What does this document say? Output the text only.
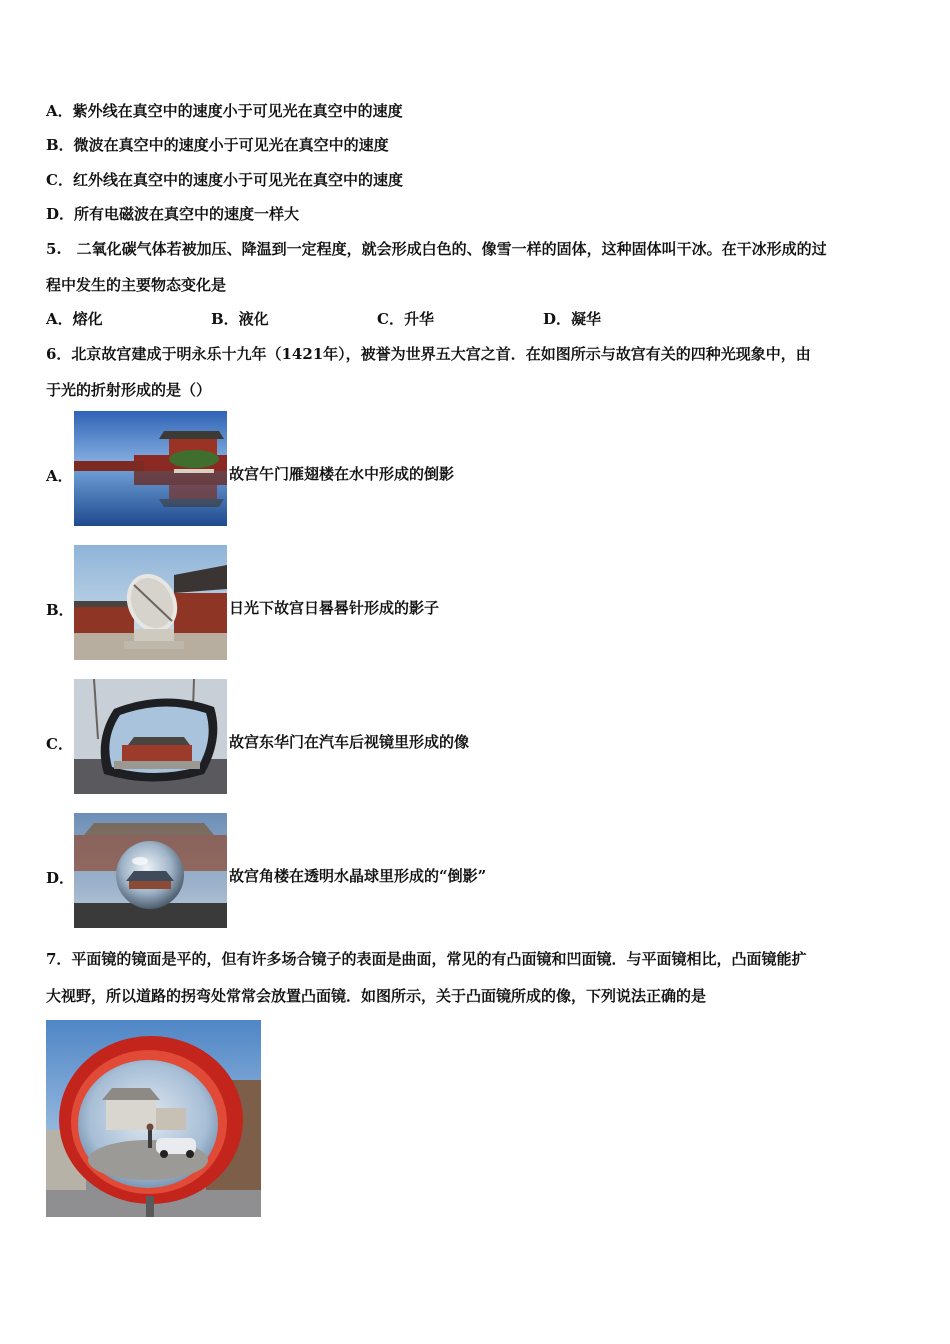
A．紫外线在真空中的速度小于可见光在真空中的速度
B．微波在真空中的速度小于可见光在真空中的速度
C．红外线在真空中的速度小于可见光在真空中的速度
D．所有电磁波在真空中的速度一样大
5.　二氧化碳气体若被加压、降温到一定程度，就会形成白色的、像雪一样的固体，这种固体叫干冰。在干冰形成的过
程中发生的主要物态变化是
A．熔化	B．液化	C．升华	D．凝华
6．北京故宫建成于明永乐十九年（1421年），被誉为世界五大宫之首．在如图所示与故宫有关的四种光现象中，由
于光的折射形成的是（）
A．	故宫午门雁翅楼在水中形成的倒影
B．	日光下故宫日晷晷针形成的影子
C．	故宫东华门在汽车后视镜里形成的像
D．	故宫角楼在透明水晶球里形成的“倒影”
7．平面镜的镜面是平的，但有许多场合镜子的表面是曲面，常见的有凸面镜和凹面镜．与平面镜相比，凸面镜能扩
大视野，所以道路的拐弯处常常会放置凸面镜．如图所示，关于凸面镜所成的像，下列说法正确的是
